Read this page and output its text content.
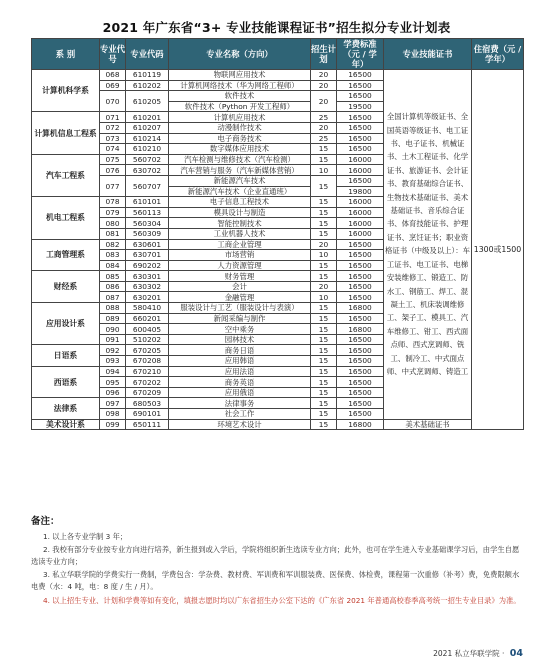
2021 年广东省“3+ 专业技能课程证书”招生拟分专业计划表
系 别	专业代号	专业代码	专业名称（方向）	招生计划	学费标准（元 / 学年）	专业技能证书	住宿费（元 / 学年）
计算机科学系	068	610119	物联网应用技术	20	16500	全国计算机等级证书、全国英语等级证书、电工证书、电子证书、机械证书、土木工程证书、化学证书、旅游证书、会计证书、教育基础综合证书、生物技术基础证书、美术基础证书、音乐综合证书、体育技能证书、护理证书、烹饪证书；职业资格证书（中级及以上）：车工证书、电工证书、电梯安装维修工、锻造工、防水工、钢筋工、焊工、混凝土工、机床装调维修工、架子工、模具工、汽车维修工、钳工、西式面点师、西式烹调师、铣工、制冷工、中式面点师、中式烹调师、铸造工	1300或1500
	069	610202	计算机网络技术（华为网络工程师）	20	16500		
	070	610205	软件技术	20	16500		
			软件技术（Python 开发工程师）		19500		
计算机信息工程系	071	610201	计算机应用技术	25	16500		
	072	610207	动漫制作技术	20	16500		
	073	610214	电子商务技术	25	16500		
	074	610210	数字媒体应用技术	15	16500		
汽车工程系	075	560702	汽车检测与维修技术（汽车检测）	15	16000		
	076	630702	汽车营销与服务（汽车新媒体营销）	10	16000		
	077	560707	新能源汽车技术	15	16500		
			新能源汽车技术（企业直通班）		19800		
机电工程系	078	610101	电子信息工程技术	15	16000		
	079	560113	模具设计与制造	15	16000		
	080	560304	智能控制技术	15	16000		
	081	560309	工业机器人技术	15	16000		
工商管理系	082	630601	工商企业管理	20	16500		
	083	630701	市场营销	10	16500		
	084	690202	人力资源管理	15	16500		
财经系	085	630301	财务管理	15	16500		
	086	630302	会计	20	16500		
	087	630201	金融管理	10	16500		
应用设计系	088	580410	服装设计与工艺（服装设计与表演）	15	16800		
	089	660201	新闻采编与制作	15	16500		
	090	600405	空中乘务	15	16800		
	091	510202	园林技术	15	16500		
日语系	092	670205	商务日语	15	16500		
	093	670208	应用韩语	15	16500		
西语系	094	670210	应用法语	15	16500		
	095	670202	商务英语	15	16500		
	096	670209	应用俄语	15	16500		
法律系	097	680503	法律事务	15	16500		
	098	690101	社会工作	15	16500		
美术设计系	099	650111	环境艺术设计	15	16800	美术基础证书	
备注：

1. 以上各专业学制 3 年；

2. 我校有部分专业按专业方向进行培养，新生报到或入学后，学院将组织新生选读专业方向；此外，也可在学生进入专业基础课学习后，由学生自愿选读专业方向；

3. 私立华联学院的学费实行一费制，学费包含：学杂费、教材费、军训费和军训服装费、医保费、体检费，课程第一次重修（补考）费，免费限额水电费（水：4 吨，电：8 度 / 生 / 月）。

4. 以上招生专业、计划和学费等如有变化，填报志愿时均以广东省招生办公室下达的《广东省 2021 年普通高校春季高考统一招生专业目录》为准。

2021 私立华联学院 · 04
